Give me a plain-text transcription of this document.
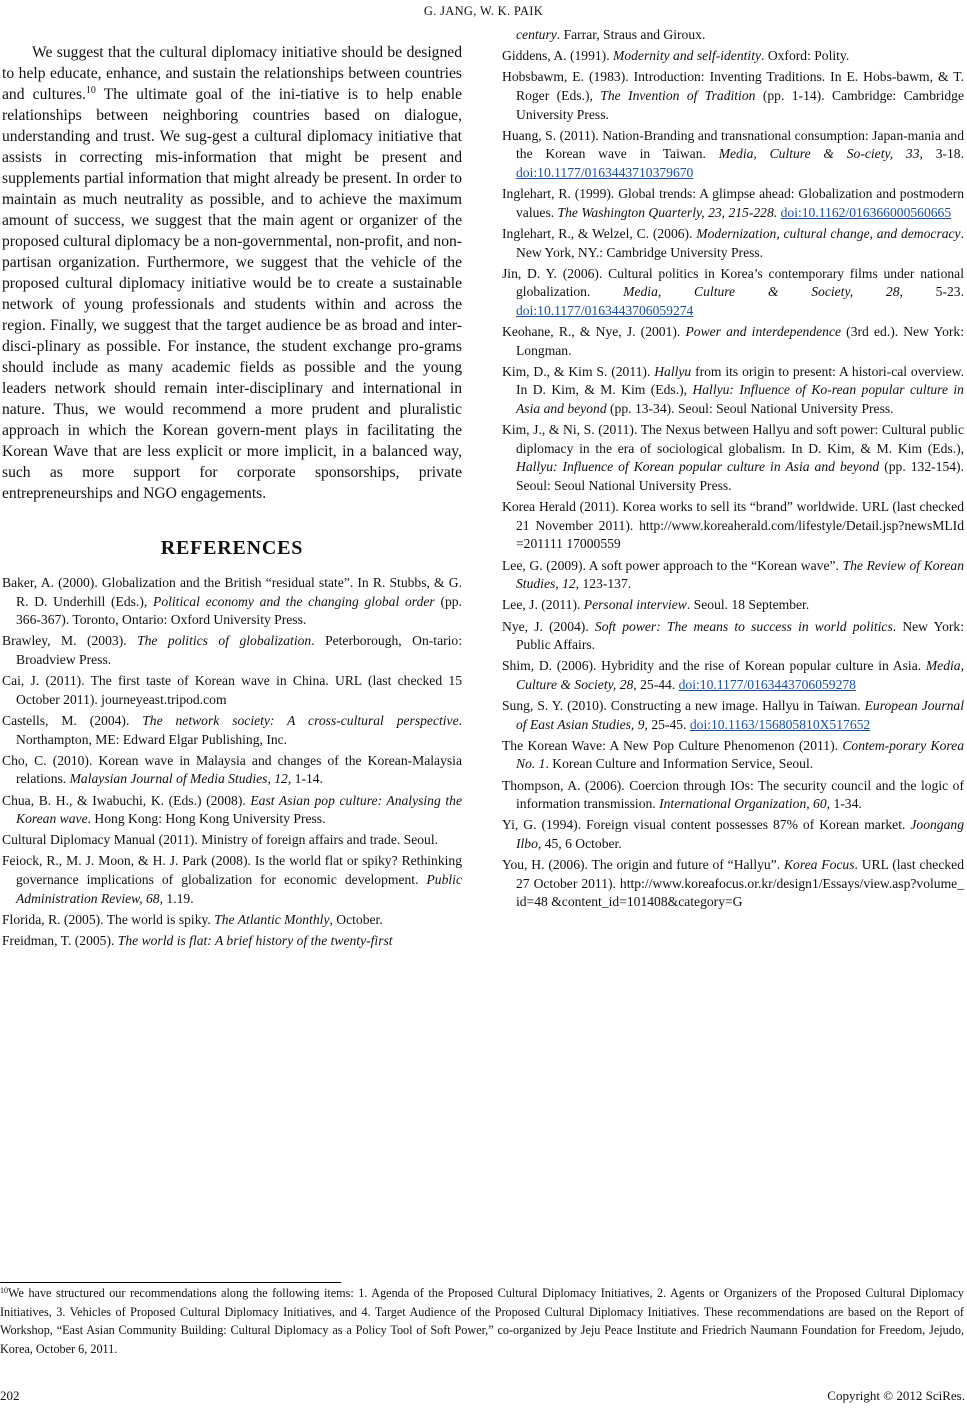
G. JANG, W. K. PAIK

We suggest that the cultural diplomacy initiative should be designed to help educate, enhance, and sustain the relationships between countries and cultures.$^{10}$ The ultimate goal of the ini-tiative is to help enable relationships between neighboring countries based on dialogue, understanding and trust. We sug-gest a cultural diplomacy initiative that assists in correcting mis-information that might be present and supplements partial information that might already be present. In order to maintain as much neutrality as possible, and to achieve the maximum amount of success, we suggest that the main agent or organizer of the proposed cultural diplomacy be a non-governmental, non-profit, and non-partisan organization. Furthermore, we suggest that the vehicle of the proposed cultural diplomacy initiative would be to create a sustainable network of young professionals and students within and across the region. Finally, we suggest that the target audience be as broad and inter-disci-plinary as possible. For instance, the student exchange pro-grams should include as many academic fields as possible and the young leaders network should remain inter-disciplinary and international in nature. Thus, we would recommend a more prudent and pluralistic approach in which the Korean govern-ment plays in facilitating the Korean Wave that are less explicit or more implicit, in a balanced way, such as more support for corporate sponsorships, private entrepreneurships and NGO engagements.

REFERENCES
Baker, A. (2000). Globalization and the British “residual state”. In R. Stubbs, & G. R. D. Underhill (Eds.), Political economy and the changing global order (pp. 366-367). Toronto, Ontario: Oxford University Press.
Brawley, M. (2003). The politics of globalization. Peterborough, On-tario: Broadview Press.
Cai, J. (2011). The first taste of Korean wave in China. URL (last checked 15 October 2011). journeyeast.tripod.com
Castells, M. (2004). The network society: A cross-cultural perspective. Northampton, ME: Edward Elgar Publishing, Inc.
Cho, C. (2010). Korean wave in Malaysia and changes of the Korean-Malaysia relations. Malaysian Journal of Media Studies, 12, 1-14.
Chua, B. H., & Iwabuchi, K. (Eds.) (2008). East Asian pop culture: Analysing the Korean wave. Hong Kong: Hong Kong University Press.
Cultural Diplomacy Manual (2011). Ministry of foreign affairs and trade. Seoul.
Feiock, R., M. J. Moon, & H. J. Park (2008). Is the world flat or spiky? Rethinking governance implications of globalization for economic development. Public Administration Review, 68, 1.19.
Florida, R. (2005). The world is spiky. The Atlantic Monthly, October.
Freidman, T. (2005). The world is flat: A brief history of the twenty-first
century. Farrar, Straus and Giroux.
Giddens, A. (1991). Modernity and self-identity. Oxford: Polity.
Hobsbawm, E. (1983). Introduction: Inventing Traditions. In E. Hobs-bawm, & T. Roger (Eds.), The Invention of Tradition (pp. 1-14). Cambridge: Cambridge University Press.
Huang, S. (2011). Nation-Branding and transnational consumption: Japan-mania and the Korean wave in Taiwan. Media, Culture & So-ciety, 33, 3-18. doi:10.1177/0163443710379670
Inglehart, R. (1999). Global trends: A glimpse ahead: Globalization and postmodern values. The Washington Quarterly, 23, 215-228. doi:10.1162/016366000560665
Inglehart, R., & Welzel, C. (2006). Modernization, cultural change, and democracy. New York, NY.: Cambridge University Press.
Jin, D. Y. (2006). Cultural politics in Korea’s contemporary films under national globalization. Media, Culture & Society, 28, 5-23. doi:10.1177/0163443706059274
Keohane, R., & Nye, J. (2001). Power and interdependence (3rd ed.). New York: Longman.
Kim, D., & Kim S. (2011). Hallyu from its origin to present: A histori-cal overview. In D. Kim, & M. Kim (Eds.), Hallyu: Influence of Ko-rean popular culture in Asia and beyond (pp. 13-34). Seoul: Seoul National University Press.
Kim, J., & Ni, S. (2011). The Nexus between Hallyu and soft power: Cultural public diplomacy in the era of sociological globalism. In D. Kim, & M. Kim (Eds.), Hallyu: Influence of Korean popular culture in Asia and beyond (pp. 132-154). Seoul: Seoul National University Press.
Korea Herald (2011). Korea works to sell its “brand” worldwide. URL (last checked 21 November 2011). http://www.koreaherald.com/lifestyle/Detail.jsp?newsMLId=201111 17000559
Lee, G. (2009). A soft power approach to the “Korean wave”. The Review of Korean Studies, 12, 123-137.
Lee, J. (2011). Personal interview. Seoul. 18 September.
Nye, J. (2004). Soft power: The means to success in world politics. New York: Public Affairs.
Shim, D. (2006). Hybridity and the rise of Korean popular culture in Asia. Media, Culture & Society, 28, 25-44. doi:10.1177/0163443706059278
Sung, S. Y. (2010). Constructing a new image. Hallyu in Taiwan. European Journal of East Asian Studies, 9, 25-45. doi:10.1163/156805810X517652
The Korean Wave: A New Pop Culture Phenomenon (2011). Contem-porary Korea No. 1. Korean Culture and Information Service, Seoul.
Thompson, A. (2006). Coercion through IOs: The security council and the logic of information transmission. International Organization, 60, 1-34.
Yi, G. (1994). Foreign visual content possesses 87% of Korean market. Joongang Ilbo, 45, 6 October.
You, H. (2006). The origin and future of “Hallyu”. Korea Focus. URL (last checked 27 October 2011). http://www.koreafocus.or.kr/design1/Essays/view.asp?volume_id=48 &content_id=101408&category=G
$^{10}$We have structured our recommendations along the following items: 1. Agenda of the Proposed Cultural Diplomacy Initiatives, 2. Agents or Organizers of the Proposed Cultural Diplomacy Initiatives, 3. Vehicles of Proposed Cultural Diplomacy Initiatives, and 4. Target Audience of the Proposed Cultural Diplomacy Initiatives. These recommendations are based on the Report of Workshop, “East Asian Community Building: Cultural Diplomacy as a Policy Tool of Soft Power,” co-organized by Jeju Peace Institute and Friedrich Naumann Foundation for Freedom, Jejudo, Korea, October 6, 2011.
202	Copyright © 2012 SciRes.
